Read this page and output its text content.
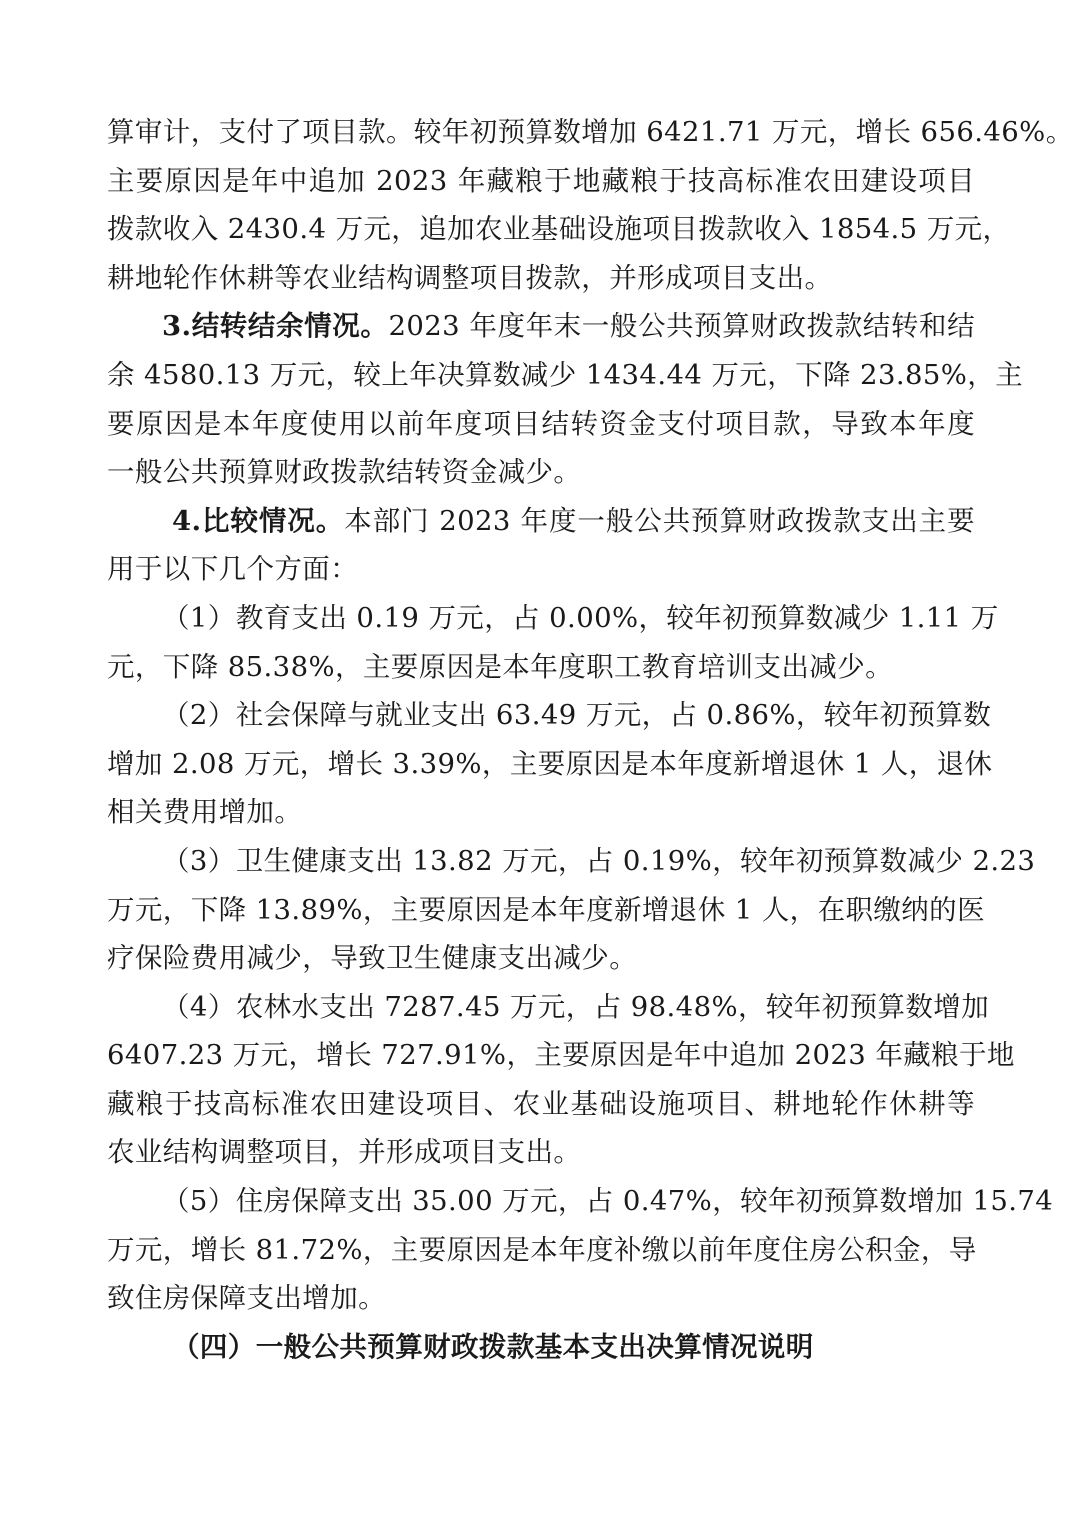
算审计，支付了项目款。较年初预算数增加 6421.71 万元，增长 656.46%。
主要原因是年中追加 2023 年藏粮于地藏粮于技高标准农田建设项目
拨款收入 2430.4 万元，追加农业基础设施项目拨款收入 1854.5 万元，
耕地轮作休耕等农业结构调整项目拨款，并形成项目支出。
3.结转结余情况。2023 年度年末一般公共预算财政拨款结转和结
余 4580.13 万元，较上年决算数减少 1434.44 万元，下降 23.85%，主
要原因是本年度使用以前年度项目结转资金支付项目款，导致本年度
一般公共预算财政拨款结转资金减少。
4.比较情况。本部门 2023 年度一般公共预算财政拨款支出主要
用于以下几个方面：
（1）教育支出 0.19 万元，占 0.00%，较年初预算数减少 1.11 万
元，下降 85.38%，主要原因是本年度职工教育培训支出减少。
（2）社会保障与就业支出 63.49 万元，占 0.86%，较年初预算数
增加 2.08 万元，增长 3.39%，主要原因是本年度新增退休 1 人，退休
相关费用增加。
（3）卫生健康支出 13.82 万元，占 0.19%，较年初预算数减少 2.23
万元，下降 13.89%，主要原因是本年度新增退休 1 人，在职缴纳的医
疗保险费用减少，导致卫生健康支出减少。
（4）农林水支出 7287.45 万元，占 98.48%，较年初预算数增加
6407.23 万元，增长 727.91%，主要原因是年中追加 2023 年藏粮于地
藏粮于技高标准农田建设项目、农业基础设施项目、耕地轮作休耕等
农业结构调整项目，并形成项目支出。
（5）住房保障支出 35.00 万元，占 0.47%，较年初预算数增加 15.74
万元，增长 81.72%，主要原因是本年度补缴以前年度住房公积金，导
致住房保障支出增加。
（四）一般公共预算财政拨款基本支出决算情况说明
